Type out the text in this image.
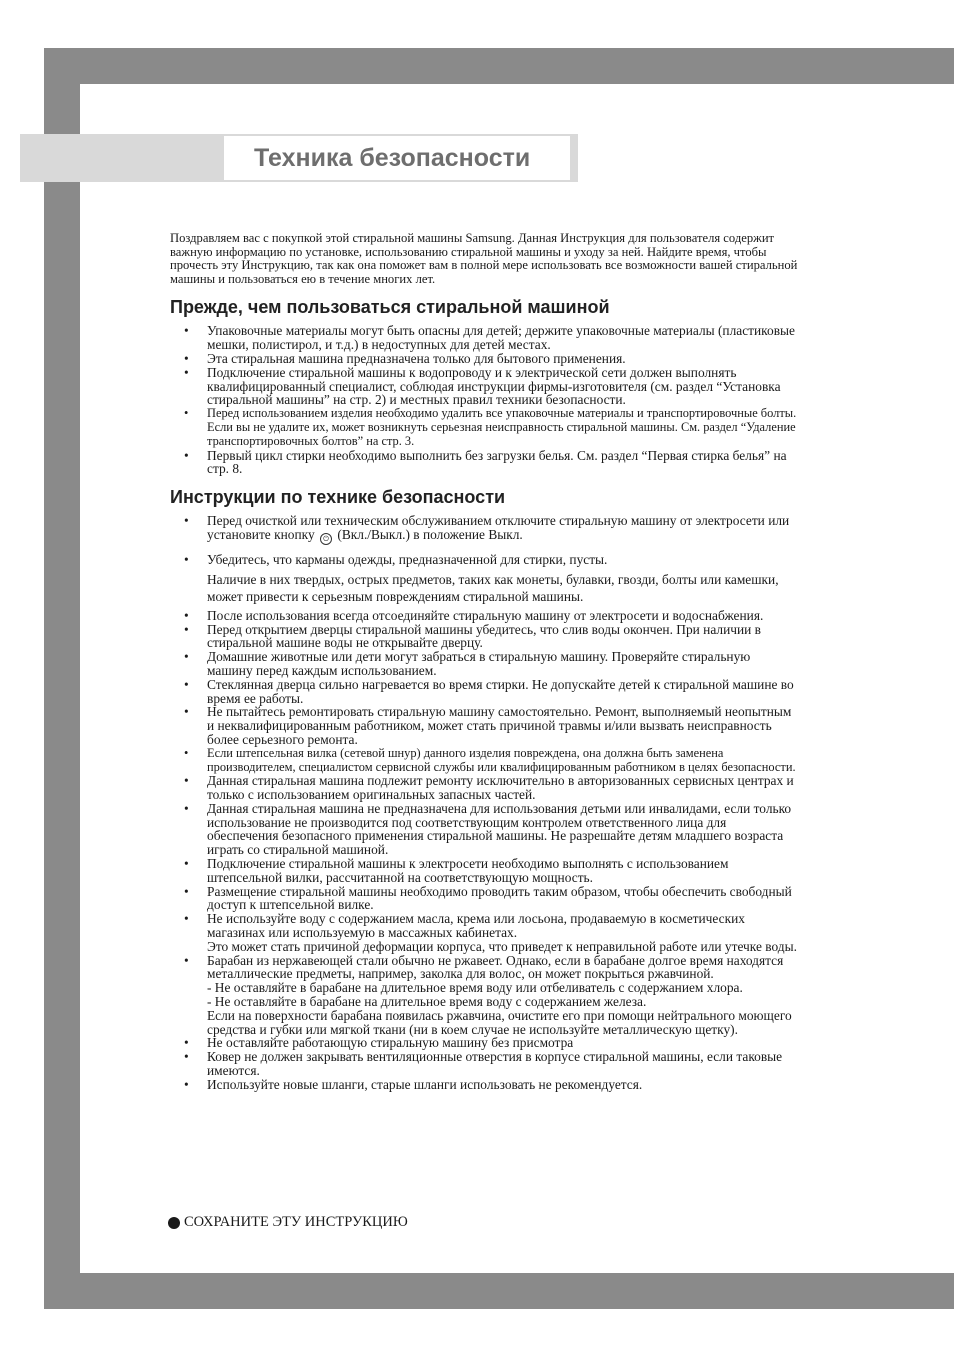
Техника безопасности

Поздравляем вас с покупкой этой стиральной машины Samsung. Данная Инструкция для пользователя содержит важную информацию по установке, использованию стиральной машины и уходу за ней. Найдите время, чтобы прочесть эту Инструкцию, так как она поможет вам в полной мере использовать все возможности вашей стиральной машины и пользоваться ею в течение многих лет.

Прежде, чем пользоваться стиральной машиной
• Упаковочные материалы могут быть опасны для детей; держите упаковочные материалы (пластиковые мешки, полистирол, и т.д.) в недоступных для детей местах.
• Эта стиральная машина предназначена только для бытового применения.
• Подключение стиральной машины к водопроводу и к электрической сети должен выполнять квалифицированный специалист, соблюдая инструкции фирмы-изготовителя (см. раздел “Установка стиральной машины” на стр. 2) и местных правил техники безопасности.
• Перед использованием изделия необходимо удалить все упаковочные материалы и транспортировочные болты. Если вы не удалите их, может возникнуть серьезная неисправность стиральной машины. См. раздел “Удаление транспортировочных болтов” на стр. 3.
• Первый цикл стирки необходимо выполнить без загрузки белья. См. раздел “Первая стирка белья” на стр. 8.
Инструкции по технике безопасности
• Перед очисткой или техническим обслуживанием отключите стиральную машину от электросети или установите кнопку ⏻ (Вкл./Выкл.) в положение Выкл.
• Убедитесь, что карманы одежды, предназначенной для стирки, пусты.
Наличие в них твердых, острых предметов, таких как монеты, булавки, гвозди, болты или камешки, может привести к серьезным повреждениям стиральной машины.
• После использования всегда отсоединяйте стиральную машину от электросети и водоснабжения.
• Перед открытием дверцы стиральной машины убедитесь, что слив воды окончен. При наличии в стиральной машине воды не открывайте дверцу.
• Домашние животные или дети могут забраться в стиральную машину. Проверяйте стиральную машину перед каждым использованием.
• Стеклянная дверца сильно нагревается во время стирки. Не допускайте детей к стиральной машине во время ее работы.
• Не пытайтесь ремонтировать стиральную машину самостоятельно. Ремонт, выполняемый неопытным и неквалифицированным работником, может стать причиной травмы и/или вызвать неисправность более серьезного ремонта.
• Если штепсельная вилка (сетевой шнур) данного изделия повреждена, она должна быть заменена производителем, специалистом сервисной службы или квалифицированным работником в целях безопасности.
• Данная стиральная машина подлежит ремонту исключительно в авторизованных сервисных центрах и только с использованием оригинальных запасных частей.
• Данная стиральная машина не предназначена для использования детьми или инвалидами, если только использование не производится под соответствующим контролем ответственного лица для обеспечения безопасного применения стиральной машины. Не разрешайте детям младшего возраста играть со стиральной машиной.
• Подключение стиральной машины к электросети необходимо выполнять с использованием штепсельной вилки, рассчитанной на соответствующую мощность.
• Размещение стиральной машины необходимо проводить таким образом, чтобы обеспечить свободный доступ к штепсельной вилке.
• Не используйте воду с содержанием масла, крема или лосьона, продаваемую в косметических магазинах или используемую в массажных кабинетах.
Это может стать причиной деформации корпуса, что приведет к неправильной работе или утечке воды.
• Барабан из нержавеющей стали обычно не ржавеет. Однако, если в барабане долгое время находятся металлические предметы, например, заколка для волос, он может покрыться ржавчиной.
- Не оставляйте в барабане на длительное время воду или отбеливатель с содержанием хлора.
- Не оставляйте в барабане на длительное время воду с содержанием железа.
Если на поверхности барабана появилась ржавчина, очистите его при помощи нейтрального моющего средства и губки или мягкой ткани (ни в коем случае не используйте металлическую щетку).
• Не оставляйте работающую стиральную машину без присмотра
• Ковер не должен закрывать вентиляционные отверстия в корпусе стиральной машины, если таковые имеются.
• Используйте новые шланги, старые шланги использовать не рекомендуется.
СОХРАНИТЕ ЭТУ ИНСТРУКЦИЮ
